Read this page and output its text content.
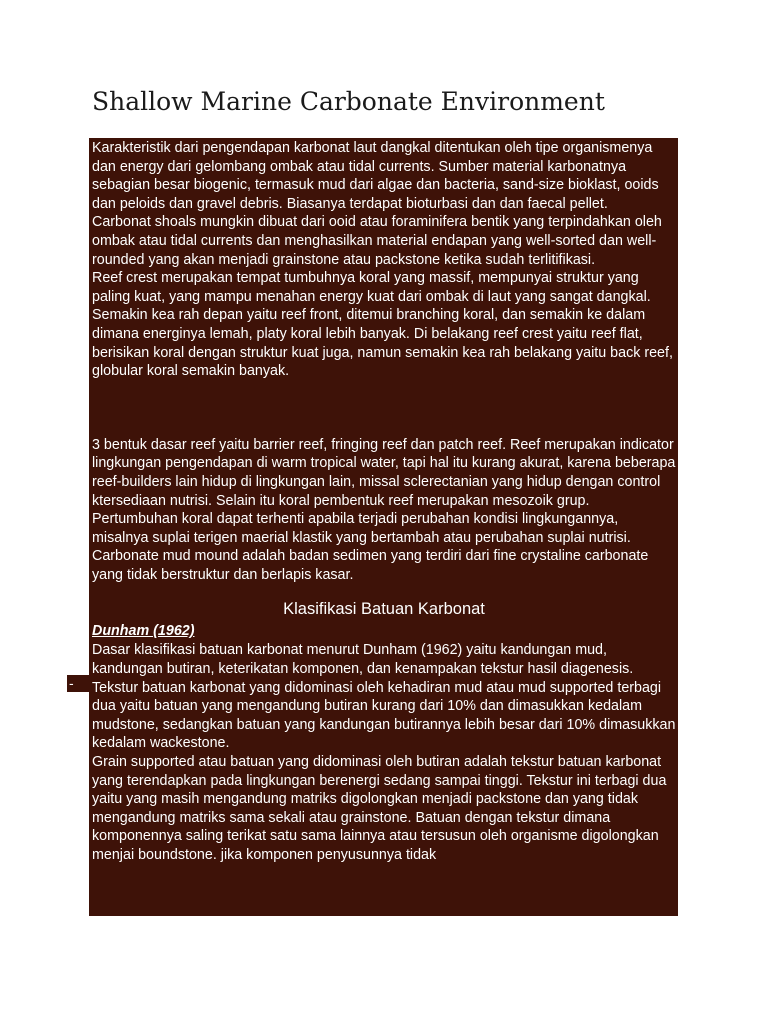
Shallow Marine Carbonate Environment

Karakteristik dari pengendapan karbonat laut dangkal ditentukan oleh tipe organismenya dan energy dari gelombang ombak atau tidal currents. Sumber material karbonatnya sebagian besar biogenic, termasuk mud dari algae dan bacteria, sand-size bioklast, ooids dan peloids dan gravel debris. Biasanya terdapat bioturbasi dan dan faecal pellet.

Carbonat shoals mungkin dibuat dari ooid atau foraminifera bentik yang terpindahkan oleh ombak atau tidal currents dan menghasilkan material endapan yang well-sorted dan well-rounded yang akan menjadi grainstone atau packstone ketika sudah terlitifikasi.

Reef crest merupakan tempat tumbuhnya koral yang massif, mempunyai struktur yang paling kuat, yang mampu menahan energy kuat dari ombak di laut yang sangat dangkal. Semakin kea rah depan yaitu reef front, ditemui branching koral, dan semakin ke dalam dimana energinya lemah, platy koral lebih banyak. Di belakang reef crest yaitu reef flat, berisikan koral dengan struktur kuat juga, namun semakin kea rah belakang yaitu back reef, globular koral semakin banyak.

3 bentuk dasar reef yaitu barrier reef, fringing reef dan patch reef. Reef merupakan indicator lingkungan pengendapan di warm tropical water, tapi hal itu kurang akurat, karena beberapa reef-builders lain hidup di lingkungan lain, missal sclerectanian yang hidup dengan control ktersediaan nutrisi. Selain itu koral pembentuk reef merupakan mesozoik grup.

Pertumbuhan koral dapat terhenti apabila terjadi perubahan kondisi lingkungannya, misalnya suplai terigen maerial klastik yang bertambah atau perubahan suplai nutrisi. Carbonate mud mound adalah badan sedimen yang terdiri dari fine crystaline carbonate yang tidak berstruktur dan berlapis kasar.

Klasifikasi Batuan Karbonat

Dunham (1962)

Dasar klasifikasi batuan karbonat menurut Dunham (1962) yaitu kandungan mud, kandungan butiran, keterikatan komponen, dan kenampakan tekstur hasil diagenesis. Tekstur batuan karbonat yang didominasi oleh kehadiran mud atau mud supported terbagi dua yaitu batuan yang mengandung butiran kurang dari 10% dan dimasukkan kedalam mudstone, sedangkan batuan yang kandungan butirannya lebih besar dari 10% dimasukkan kedalam wackestone.

Grain supported atau batuan yang didominasi oleh butiran adalah tekstur batuan karbonat yang terendapkan pada lingkungan berenergi sedang sampai tinggi. Tekstur ini terbagi dua yaitu yang masih mengandung matriks digolongkan menjadi packstone dan yang tidak mengandung matriks sama sekali atau grainstone. Batuan dengan tekstur dimana komponennya saling terikat satu sama lainnya atau tersusun oleh organisme digolongkan menjai boundstone. jika komponen penyusunnya tidak

-
